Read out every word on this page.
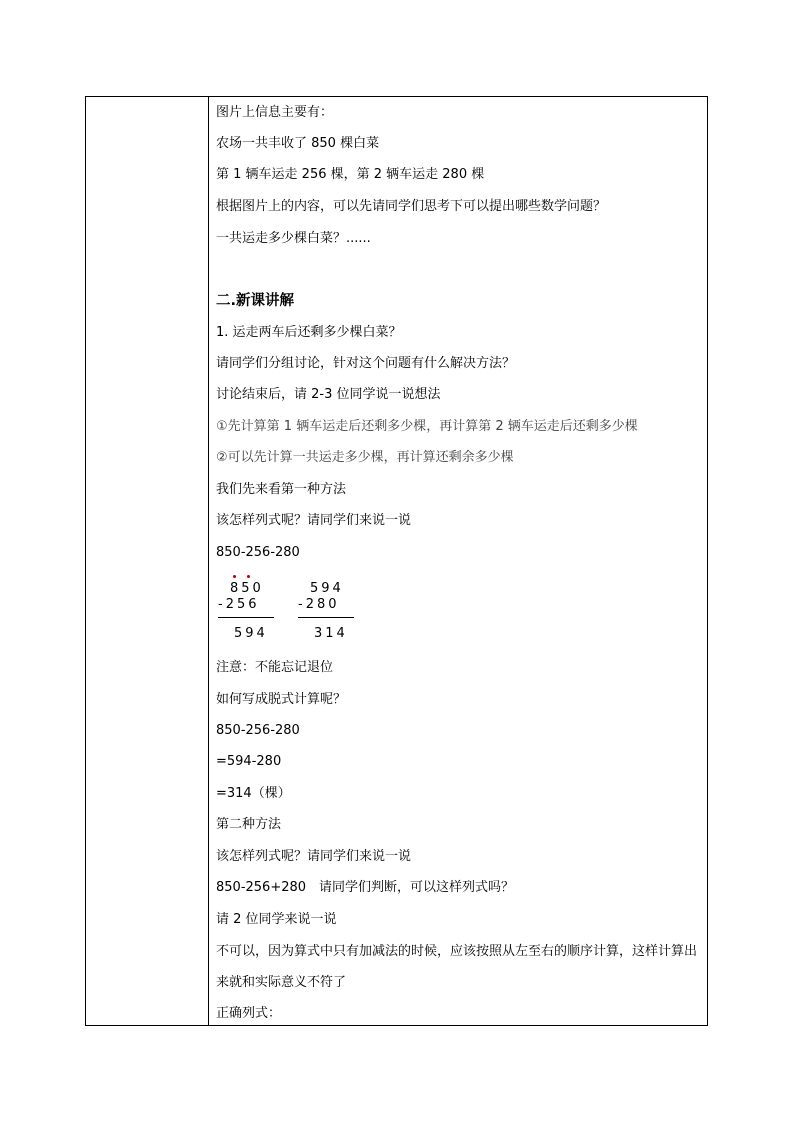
图片上信息主要有：
农场一共丰收了 850 棵白菜
第 1 辆车运走 256 棵，第 2 辆车运走 280 棵
根据图片上的内容，可以先请同学们思考下可以提出哪些数学问题？
一共运走多少棵白菜？......
二.新课讲解
1. 运走两车后还剩多少棵白菜？
请同学们分组讨论，针对这个问题有什么解决方法？
讨论结束后，请 2-3 位同学说一说想法
①先计算第 1 辆车运走后还剩多少棵，再计算第 2 辆车运走后还剩多少棵
②可以先计算一共运走多少棵，再计算还剩余多少棵
我们先来看第一种方法
该怎样列式呢？请同学们来说一说
850-256-280
850
-256
594
594
-280
314
注意：不能忘记退位
如何写成脱式计算呢？
850-256-280
=594-280
=314（棵）
第二种方法
该怎样列式呢？请同学们来说一说
850-256+280　请同学们判断，可以这样列式吗？
请 2 位同学来说一说
不可以，因为算式中只有加减法的时候，应该按照从左至右的顺序计算，这样计算出来就和实际意义不符了
正确列式：
